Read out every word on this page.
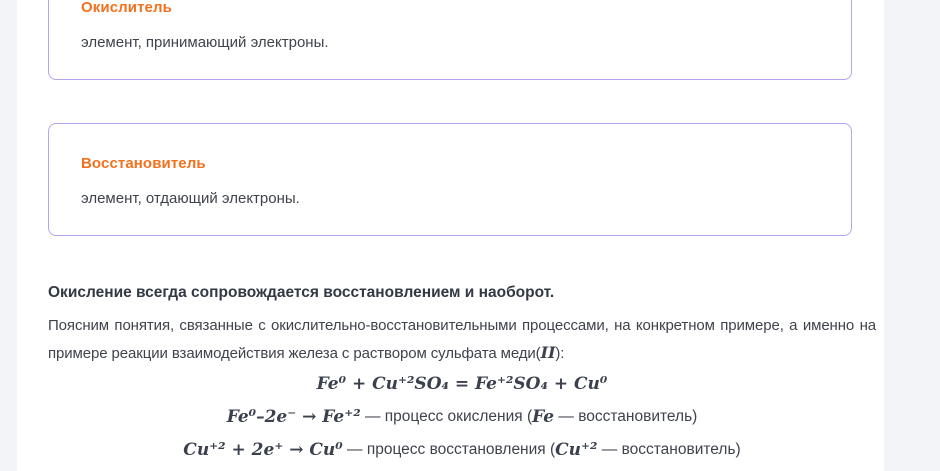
Окислитель
элемент, принимающий электроны.
Восстановитель
элемент, отдающий электроны.

Окисление всегда сопровождается восстановлением и наоборот.

Поясним понятия, связанные с окислительно-восстановительными процессами, на конкретном примере, а именно на примере реакции взаимодействия железа с раствором сульфата меди(II):

Fe⁰ + Cu⁺²SO₄ = Fe⁺²SO₄ + Cu⁰
Fe⁰–2e⁻ → Fe⁺² — процесс окисления ( Fe — восстановитель)
Cu⁺² + 2e⁺ → Cu⁰ — процесс восстановления ( Cu⁺² — восстановитель)
